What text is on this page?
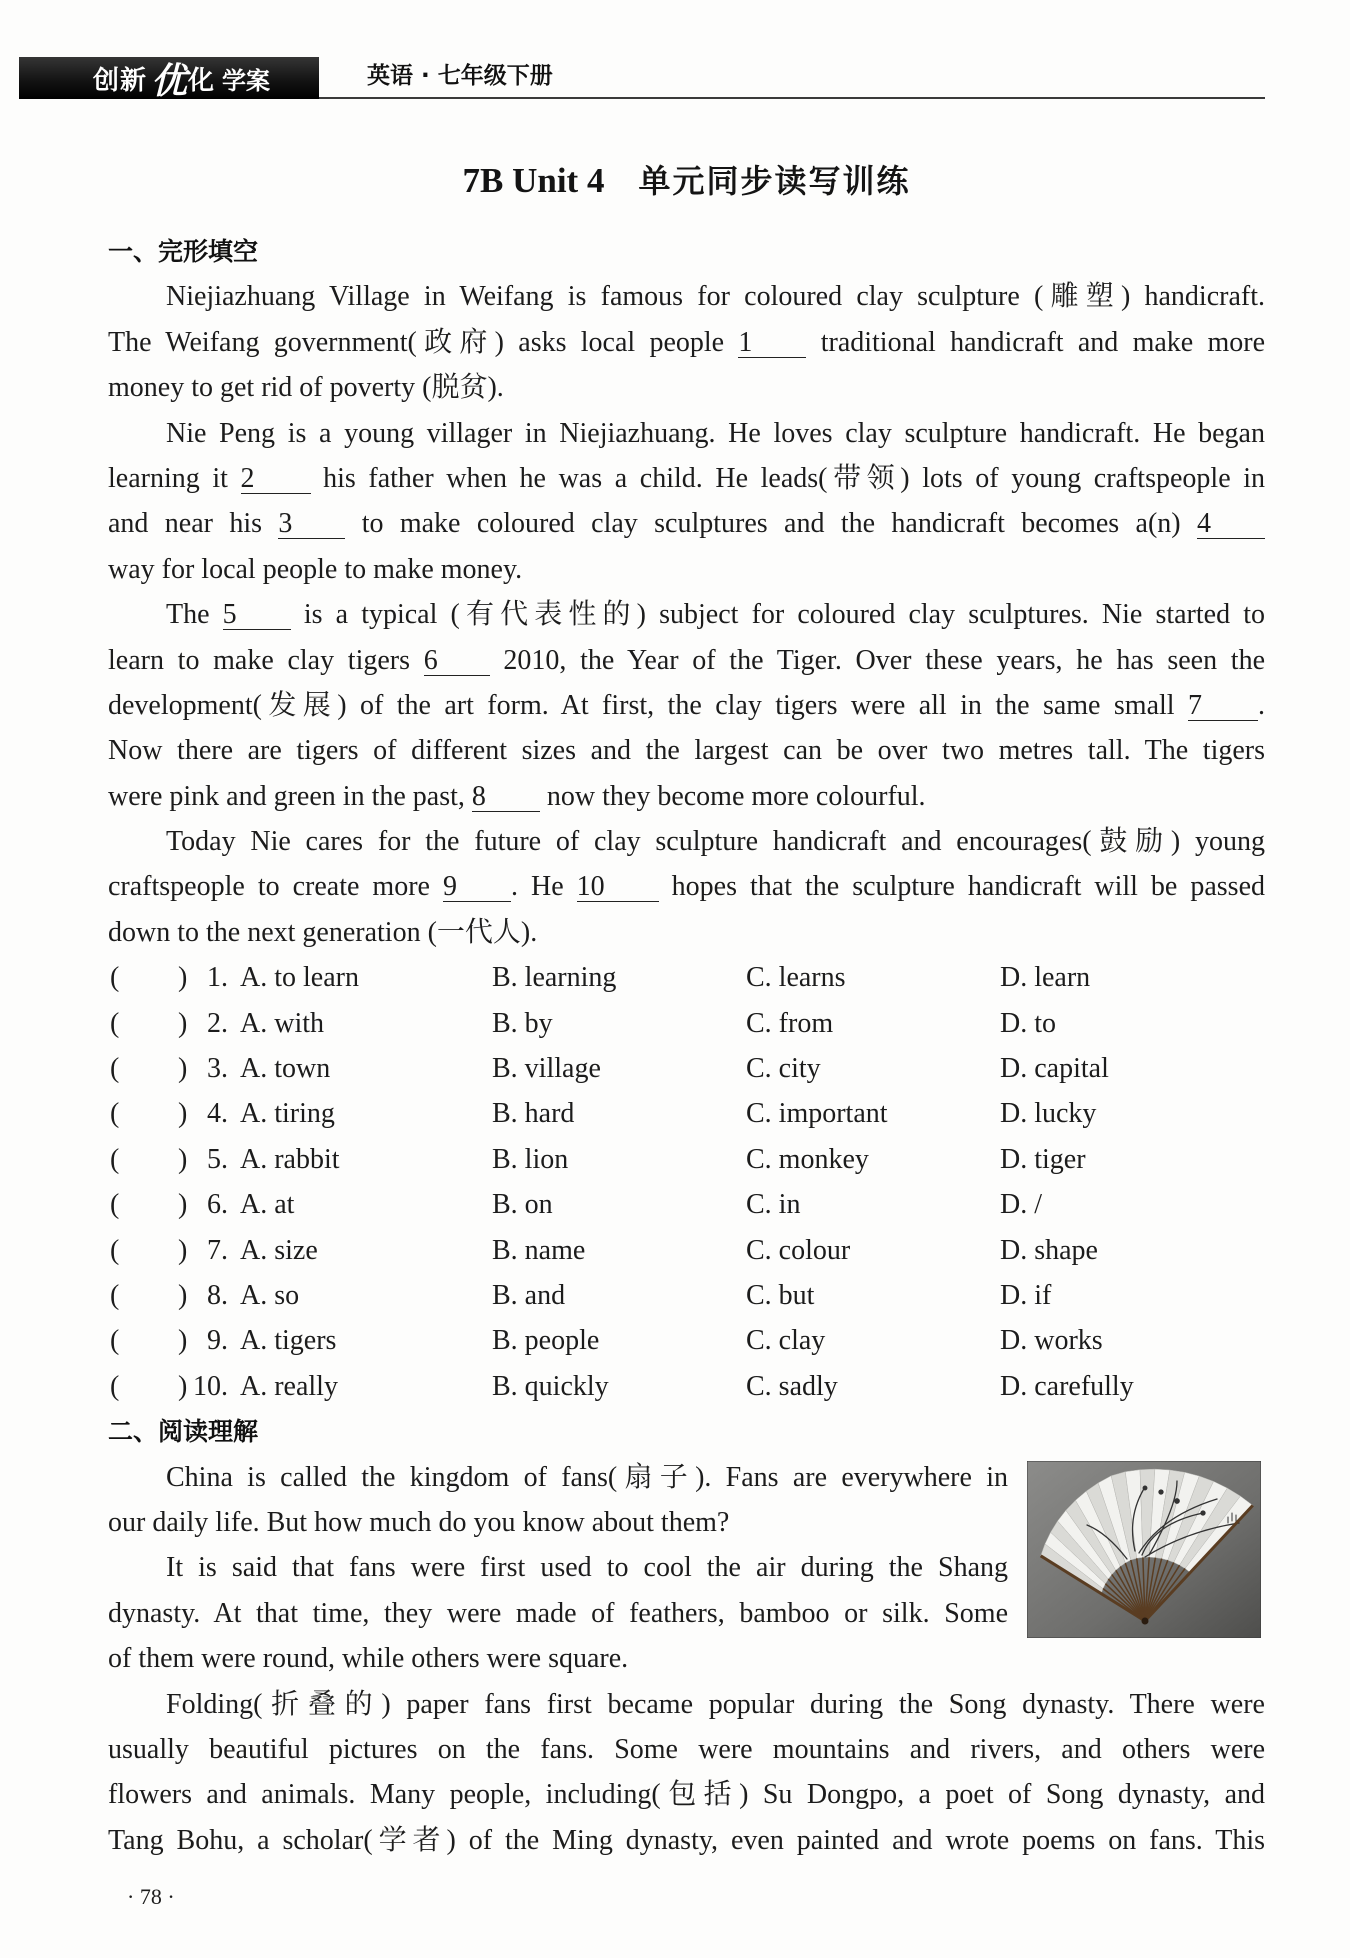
创新 优 化 学案	英语 · 七年级下册
7B Unit 4 单元同步读写训练
一、完形填空
Niejiazhuang Village in Weifang is famous for coloured clay sculpture (雕塑) handicraft.
The Weifang government(政府) asks local people 1 traditional handicraft and make more
money to get rid of poverty (脱贫).
Nie Peng is a young villager in Niejiazhuang. He loves clay sculpture handicraft. He began
learning it 2 his father when he was a child. He leads(带领) lots of young craftspeople in
and near his 3 to make coloured clay sculptures and the handicraft becomes a(n) 4
way for local people to make money.
The 5 is a typical (有代表性的) subject for coloured clay sculptures. Nie started to
learn to make clay tigers 6 2010, the Year of the Tiger. Over these years, he has seen the
development(发展) of the art form. At first, the clay tigers were all in the same small 7 .
Now there are tigers of different sizes and the largest can be over two metres tall. The tigers
were pink and green in the past, 8 now they become more colourful.
Today Nie cares for the future of clay sculpture handicraft and encourages(鼓励) young
craftspeople to create more 9 . He 10 hopes that the sculpture handicraft will be passed
down to the next generation (一代人).
( ) 1. A. to learn	B. learning	C. learns	D. learn
( ) 2. A. with	B. by	C. from	D. to
( ) 3. A. town	B. village	C. city	D. capital
( ) 4. A. tiring	B. hard	C. important	D. lucky
( ) 5. A. rabbit	B. lion	C. monkey	D. tiger
( ) 6. A. at	B. on	C. in	D. /
( ) 7. A. size	B. name	C. colour	D. shape
( ) 8. A. so	B. and	C. but	D. if
( ) 9. A. tigers	B. people	C. clay	D. works
( ) 10. A. really	B. quickly	C. sadly	D. carefully
二、阅读理解
China is called the kingdom of fans(扇子). Fans are everywhere in
our daily life. But how much do you know about them?
It is said that fans were first used to cool the air during the Shang
dynasty. At that time, they were made of feathers, bamboo or silk. Some
of them were round, while others were square.
Folding(折叠的) paper fans first became popular during the Song dynasty. There were
usually beautiful pictures on the fans. Some were mountains and rivers, and others were
flowers and animals. Many people, including(包括) Su Dongpo, a poet of Song dynasty, and
Tang Bohu, a scholar(学者) of the Ming dynasty, even painted and wrote poems on fans. This
· 78 ·
